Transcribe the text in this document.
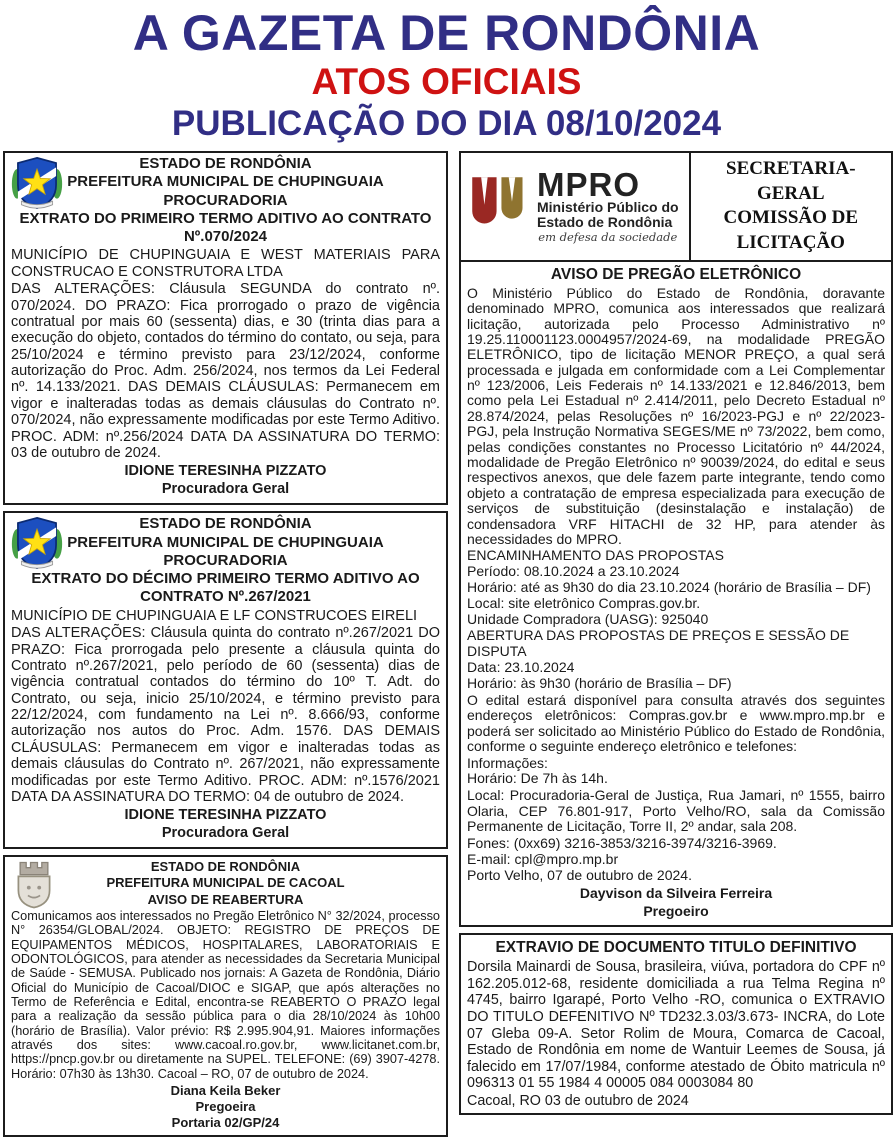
A GAZETA DE RONDÔNIA
ATOS OFICIAIS
PUBLICAÇÃO DO DIA 08/10/2024
ESTADO DE RONDÔNIA
PREFEITURA MUNICIPAL DE CHUPINGUAIA
PROCURADORIA
EXTRATO DO PRIMEIRO TERMO ADITIVO AO CONTRATO
Nº.070/2024

MUNICÍPIO DE CHUPINGUAIA E WEST MATERIAIS PARA CONSTRUCAO E CONSTRUTORA LTDA

DAS ALTERAÇÕES: Cláusula SEGUNDA do contrato nº. 070/2024. DO PRAZO: Fica prorrogado o prazo de vigência contratual por mais 60 (sessenta) dias, e 30 (trinta dias para a execução do objeto, contados do término do contato, ou seja, para 25/10/2024 e término previsto para 23/12/2024, conforme autorização do Proc. Adm. 256/2024, nos termos da Lei Federal nº. 14.133/2021. DAS DEMAIS CLÁUSULAS: Permanecem em vigor e inalteradas todas as demais cláusulas do Contrato nº. 070/2024, não expressamente modificadas por este Termo Aditivo. PROC. ADM: nº.256/2024 DATA DA ASSINATURA DO TERMO: 03 de outubro de 2024.

IDIONE TERESINHA PIZZATO
Procuradora Geral
ESTADO DE RONDÔNIA
PREFEITURA MUNICIPAL DE CHUPINGUAIA
PROCURADORIA
EXTRATO DO DÉCIMO PRIMEIRO TERMO ADITIVO AO
CONTRATO Nº.267/2021

MUNICÍPIO DE CHUPINGUAIA E LF CONSTRUCOES EIRELI

DAS ALTERAÇÕES: Cláusula quinta do contrato nº.267/2021 DO PRAZO: Fica prorrogada pelo presente a cláusula quinta do Contrato nº.267/2021, pelo período de 60 (sessenta) dias de vigência contratual contados do término do 10º T. Adt. do Contrato, ou seja, inicio 25/10/2024, e término previsto para 22/12/2024, com fundamento na Lei nº. 8.666/93, conforme autorização nos autos do Proc. Adm. 1576. DAS DEMAIS CLÁUSULAS: Permanecem em vigor e inalteradas todas as demais cláusulas do Contrato nº. 267/2021, não expressamente modificadas por este Termo Aditivo. PROC. ADM: nº.1576/2021 DATA DA ASSINATURA DO TERMO: 04 de outubro de 2024.

IDIONE TERESINHA PIZZATO
Procuradora Geral
ESTADO DE RONDÔNIA
PREFEITURA MUNICIPAL DE CACOAL
AVISO DE REABERTURA

Comunicamos aos interessados no Pregão Eletrônico N° 32/2024, processo N° 26354/GLOBAL/2024. OBJETO: REGISTRO DE PREÇOS DE EQUIPAMENTOS MÉDICOS, HOSPITALARES, LABORATORIAIS E ODONTOLÓGICOS, para atender as necessidades da Secretaria Municipal de Saúde - SEMUSA. Publicado nos jornais: A Gazeta de Rondônia, Diário Oficial do Município de Cacoal/DIOC e SIGAP, que após alterações no Termo de Referência e Edital, encontra-se REABERTO O PRAZO legal para a realização da sessão pública para o dia 28/10/2024 às 10h00 (horário de Brasília). Valor prévio: R$ 2.995.904,91. Maiores informações através dos sites: www.cacoal.ro.gov.br, www.licitanet.com.br, https://pncp.gov.br ou diretamente na SUPEL. TELEFONE: (69) 3907-4278. Horário: 07h30 às 13h30. Cacoal – RO, 07 de outubro de 2024.

Diana Keila Beker
Pregoeira
Portaria 02/GP/24
MPRO
Ministério Público do
Estado de Rondônia
em defesa da sociedade
SECRETARIA-GERAL
COMISSÃO DE LICITAÇÃO
AVISO DE PREGÃO ELETRÔNICO

O Ministério Público do Estado de Rondônia, doravante denominado MPRO, comunica aos interessados que realizará licitação, autorizada pelo Processo Administrativo nº 19.25.110001123.0004957/2024-69, na modalidade PREGÃO ELETRÔNICO, tipo de licitação MENOR PREÇO, a qual será processada e julgada em conformidade com a Lei Complementar nº 123/2006, Leis Federais nº 14.133/2021 e 12.846/2013, bem como pela Lei Estadual nº 2.414/2011, pelo Decreto Estadual nº 28.874/2024, pelas Resoluções nº 16/2023-PGJ e nº 22/2023-PGJ, pela Instrução Normativa SEGES/ME nº 73/2022, bem como, pelas condições constantes no Processo Licitatório nº 44/2024, modalidade de Pregão Eletrônico nº 90039/2024, do edital e seus respectivos anexos, que dele fazem parte integrante, tendo como objeto a contratação de empresa especializada para execução de serviços de substituição (desinstalação e instalação) de condensadora VRF HITACHI de 32 HP, para atender às necessidades do MPRO.

ENCAMINHAMENTO DAS PROPOSTAS
Período: 08.10.2024 a 23.10.2024
Horário: até as 9h30 do dia 23.10.2024 (horário de Brasília – DF)
Local: site eletrônico Compras.gov.br.
Unidade Compradora (UASG): 925040
ABERTURA DAS PROPOSTAS DE PREÇOS E SESSÃO DE DISPUTA
Data: 23.10.2024
Horário: às 9h30 (horário de Brasília – DF)

O edital estará disponível para consulta através dos seguintes endereços eletrônicos: Compras.gov.br e www.mpro.mp.br e poderá ser solicitado ao Ministério Público do Estado de Rondônia, conforme o seguinte endereço eletrônico e telefones:

Informações:
Horário: De 7h às 14h.

Local: Procuradoria-Geral de Justiça, Rua Jamari, nº 1555, bairro Olaria, CEP 76.801-917, Porto Velho/RO, sala da Comissão Permanente de Licitação, Torre II, 2º andar, sala 208.

Fones: (0xx69) 3216-3853/3216-3974/3216-3969.
E-mail: cpl@mpro.mp.br
Porto Velho, 07 de outubro de 2024.
Dayvison da Silveira Ferreira
Pregoeiro
EXTRAVIO DE DOCUMENTO TITULO DEFINITIVO

Dorsila Mainardi de Sousa, brasileira, viúva, portadora do CPF nº 162.205.012-68, residente domiciliada a rua Telma Regina nº 4745, bairro Igarapé, Porto Velho -RO, comunica o EXTRAVIO DO TITULO DEFENITIVO Nº TD232.3.03/3.673- INCRA, do Lote 07 Gleba 09-A. Setor Rolim de Moura, Comarca de Cacoal, Estado de Rondônia em nome de Wantuir Leemes de Sousa, já falecido em 17/07/1984, conforme atestado de Óbito matricula nº 096313 01 55 1984 4 00005 084 0003084 80

Cacoal, RO 03 de outubro de 2024
